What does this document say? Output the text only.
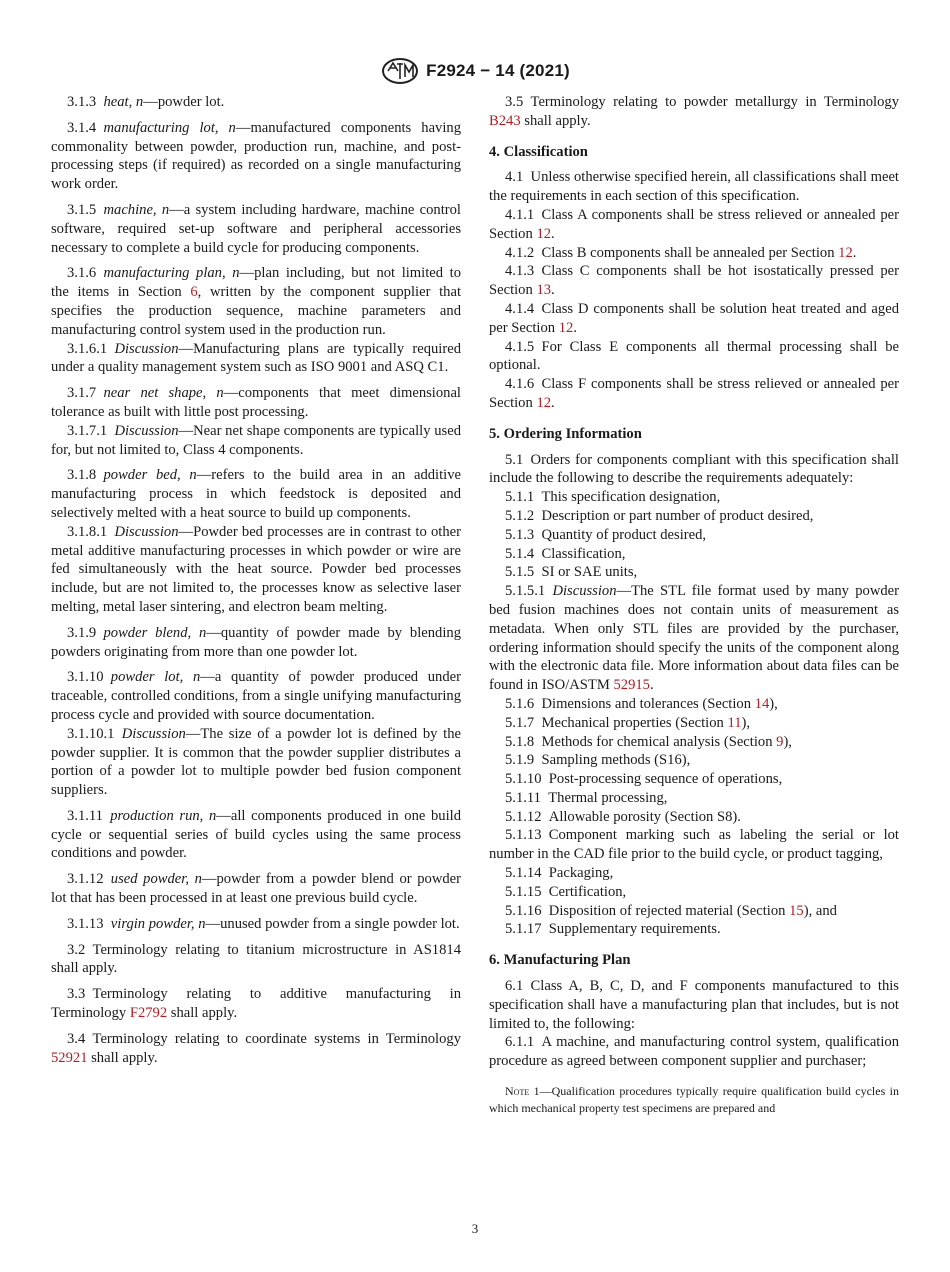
F2924 − 14 (2021)

3.1.3  heat, n—powder lot.

3.1.4  manufacturing lot, n—manufactured components having commonality between powder, production run, machine, and post-processing steps (if required) as recorded on a single manufacturing work order.

3.1.5  machine, n—a system including hardware, machine control software, required set-up software and peripheral accessories necessary to complete a build cycle for producing components.

3.1.6  manufacturing plan, n—plan including, but not limited to the items in Section 6, written by the component supplier that specifies the production sequence, machine parameters and manufacturing control system used in the production run.

3.1.6.1  Discussion—Manufacturing plans are typically required under a quality management system such as ISO 9001 and ASQ C1.

3.1.7  near net shape, n—components that meet dimensional tolerance as built with little post processing.

3.1.7.1  Discussion—Near net shape components are typically used for, but not limited to, Class 4 components.

3.1.8  powder bed, n—refers to the build area in an additive manufacturing process in which feedstock is deposited and selectively melted with a heat source to build up components.

3.1.8.1  Discussion—Powder bed processes are in contrast to other metal additive manufacturing processes in which powder or wire are fed simultaneously with the heat source. Powder bed processes include, but are not limited to, the processes know as selective laser melting, metal laser sintering, and electron beam melting.

3.1.9  powder blend, n—quantity of powder made by blending powders originating from more than one powder lot.

3.1.10  powder lot, n—a quantity of powder produced under traceable, controlled conditions, from a single unifying manufacturing process cycle and provided with source documentation.

3.1.10.1  Discussion—The size of a powder lot is defined by the powder supplier. It is common that the powder supplier distributes a portion of a powder lot to multiple powder bed fusion component suppliers.

3.1.11  production run, n—all components produced in one build cycle or sequential series of build cycles using the same process conditions and powder.

3.1.12  used powder, n—powder from a powder blend or powder lot that has been processed in at least one previous build cycle.

3.1.13  virgin powder, n—unused powder from a single powder lot.

3.2  Terminology relating to titanium microstructure in AS1814 shall apply.

3.3  Terminology relating to additive manufacturing in Terminology F2792 shall apply.

3.4  Terminology relating to coordinate systems in Terminology 52921 shall apply.

3.5  Terminology relating to powder metallurgy in Terminology B243 shall apply.

4. Classification

4.1  Unless otherwise specified herein, all classifications shall meet the requirements in each section of this specification.

4.1.1  Class A components shall be stress relieved or annealed per Section 12.

4.1.2  Class B components shall be annealed per Section 12.

4.1.3  Class C components shall be hot isostatically pressed per Section 13.

4.1.4  Class D components shall be solution heat treated and aged per Section 12.

4.1.5  For Class E components all thermal processing shall be optional.

4.1.6  Class F components shall be stress relieved or annealed per Section 12.

5. Ordering Information

5.1  Orders for components compliant with this specification shall include the following to describe the requirements adequately:

5.1.1  This specification designation,

5.1.2  Description or part number of product desired,

5.1.3  Quantity of product desired,

5.1.4  Classification,

5.1.5  SI or SAE units,

5.1.5.1  Discussion—The STL file format used by many powder bed fusion machines does not contain units of measurement as metadata. When only STL files are provided by the purchaser, ordering information should specify the units of the component along with the electronic data file. More information about data files can be found in ISO/ASTM 52915.

5.1.6  Dimensions and tolerances (Section 14),

5.1.7  Mechanical properties (Section 11),

5.1.8  Methods for chemical analysis (Section 9),

5.1.9  Sampling methods (S16),

5.1.10  Post-processing sequence of operations,

5.1.11  Thermal processing,

5.1.12  Allowable porosity (Section S8).

5.1.13  Component marking such as labeling the serial or lot number in the CAD file prior to the build cycle, or product tagging,

5.1.14  Packaging,

5.1.15  Certification,

5.1.16  Disposition of rejected material (Section 15), and

5.1.17  Supplementary requirements.

6. Manufacturing Plan

6.1  Class A, B, C, D, and F components manufactured to this specification shall have a manufacturing plan that includes, but is not limited to, the following:

6.1.1  A machine, and manufacturing control system, qualification procedure as agreed between component supplier and purchaser;

Note 1—Qualification procedures typically require qualification build cycles in which mechanical property test specimens are prepared and

3
